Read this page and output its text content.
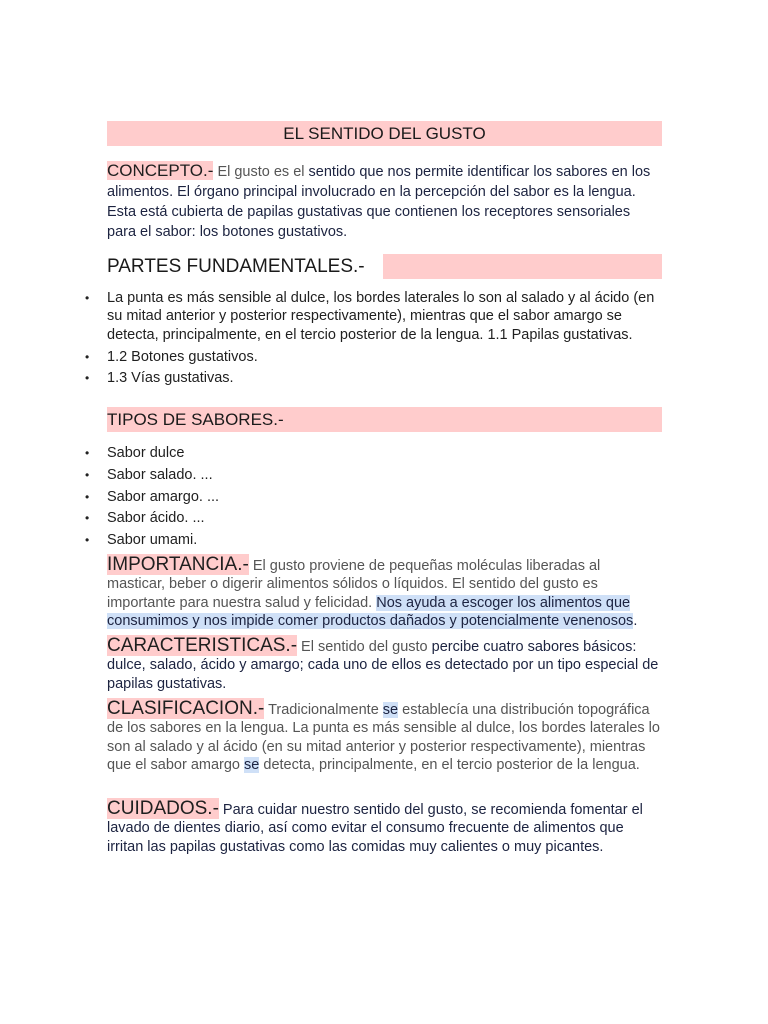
EL SENTIDO DEL GUSTO
CONCEPTO.- El gusto es el sentido que nos permite identificar los sabores en los alimentos. El órgano principal involucrado en la percepción del sabor es la lengua. Esta está cubierta de papilas gustativas que contienen los receptores sensoriales para el sabor: los botones gustativos.
PARTES FUNDAMENTALES.-
• La punta es más sensible al dulce, los bordes laterales lo son al salado y al ácido (en su mitad anterior y posterior respectivamente), mientras que el sabor amargo se detecta, principalmente, en el tercio posterior de la lengua. 1.1 Papilas gustativas.
• 1.2 Botones gustativos.
• 1.3 Vías gustativas.
TIPOS DE SABORES.-
• Sabor dulce
• Sabor salado. ...
• Sabor amargo. ...
• Sabor ácido. ...
• Sabor umami.
IMPORTANCIA.- El gusto proviene de pequeñas moléculas liberadas al masticar, beber o digerir alimentos sólidos o líquidos. El sentido del gusto es importante para nuestra salud y felicidad. Nos ayuda a escoger los alimentos que consumimos y nos impide comer productos dañados y potencialmente venenosos.
CARACTERISTICAS.- El sentido del gusto percibe cuatro sabores básicos: dulce, salado, ácido y amargo; cada uno de ellos es detectado por un tipo especial de papilas gustativas.
CLASIFICACION.- Tradicionalmente se establecía una distribución topográfica de los sabores en la lengua. La punta es más sensible al dulce, los bordes laterales lo son al salado y al ácido (en su mitad anterior y posterior respectivamente), mientras que el sabor amargo se detecta, principalmente, en el tercio posterior de la lengua.
CUIDADOS.- Para cuidar nuestro sentido del gusto, se recomienda fomentar el lavado de dientes diario, así como evitar el consumo frecuente de alimentos que irritan las papilas gustativas como las comidas muy calientes o muy picantes.
